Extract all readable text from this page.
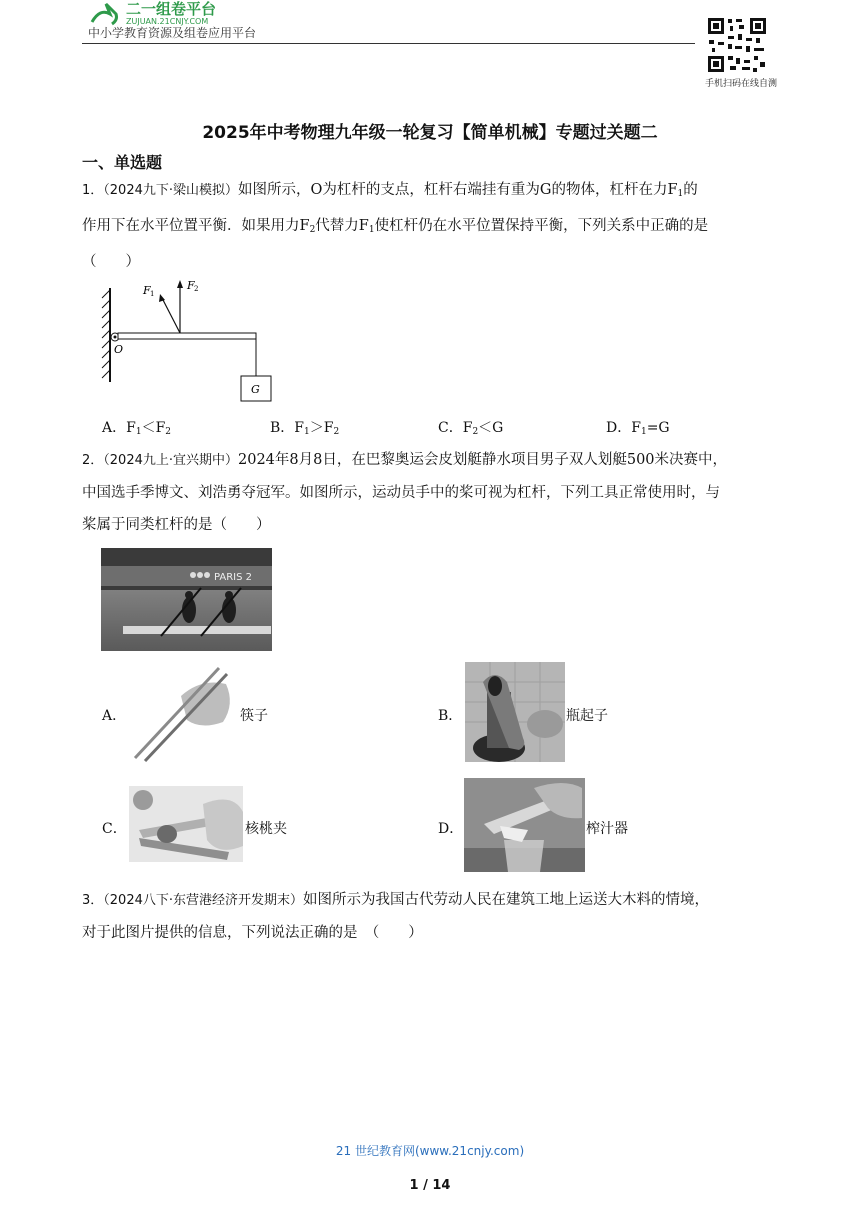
二一组卷平台
ZUJUAN.21CNJY.COM
中小学教育资源及组卷应用平台
手机扫码在线自测
2025年中考物理九年级一轮复习【简单机械】专题过关题二
一、单选题
1．（2024九下·梁山模拟）如图所示，O为杠杆的支点，杠杆右端挂有重为G的物体，杠杆在力$F_1$的
作用下在水平位置平衡．如果用力$F_2$代替力$F_1$使杠杆仍在水平位置保持平衡，下列关系中正确的是
（　　）
F 1
F 2
O
G
A．$F_1<F_2$	B．$F_1>F_2$	C．$F_2<G$	D．$F_1=G$
2．（2024九上·宜兴期中）2024年8月8日，在巴黎奥运会皮划艇静水项目男子双人划艇500米决赛中，
中国选手季博文、刘浩勇夺冠军。如图所示，运动员手中的桨可视为杠杆，下列工具正常使用时，与
桨属于同类杠杆的是（　　）
PARIS 2
A．	筷子	B．	瓶起子
C．	核桃夹	D．	榨汁器
3．（2024八下·东营港经济开发期末）如图所示为我国古代劳动人民在建筑工地上运送大木料的情境，
对于此图片提供的信息，下列说法正确的是　（　　）
21 世纪教育网(www.21cnjy.com)
1 / 14
